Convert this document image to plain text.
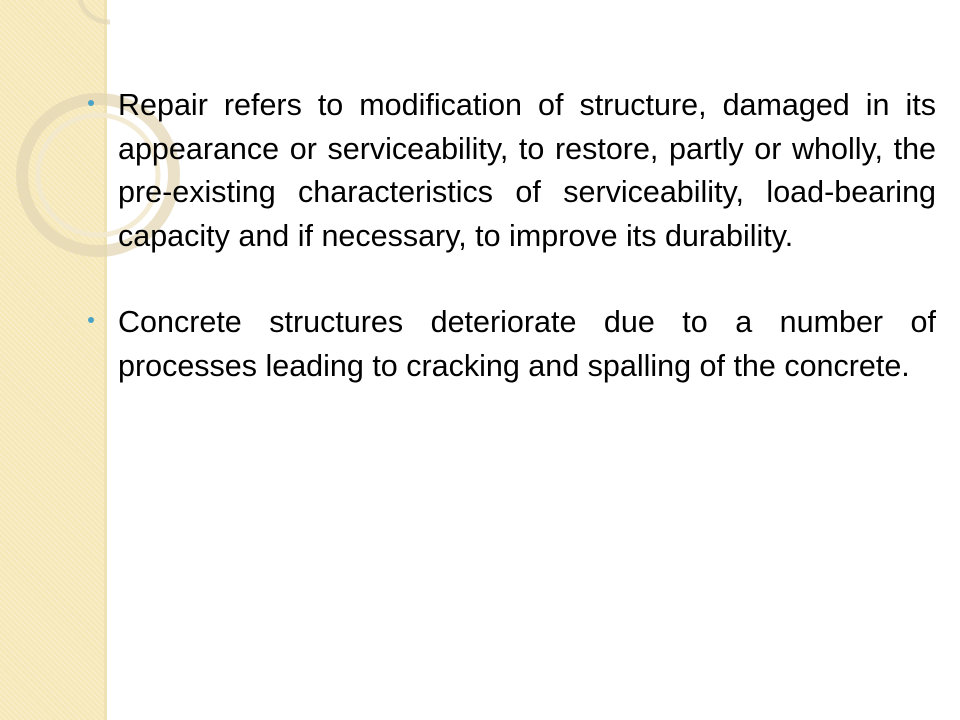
Repair refers to modification of structure, damaged in its appearance or serviceability, to restore, partly or wholly, the pre-existing characteristics of serviceability, load-bearing capacity and if necessary, to improve its durability.

Concrete structures deteriorate due to a number of processes leading to cracking and spalling of the concrete.
